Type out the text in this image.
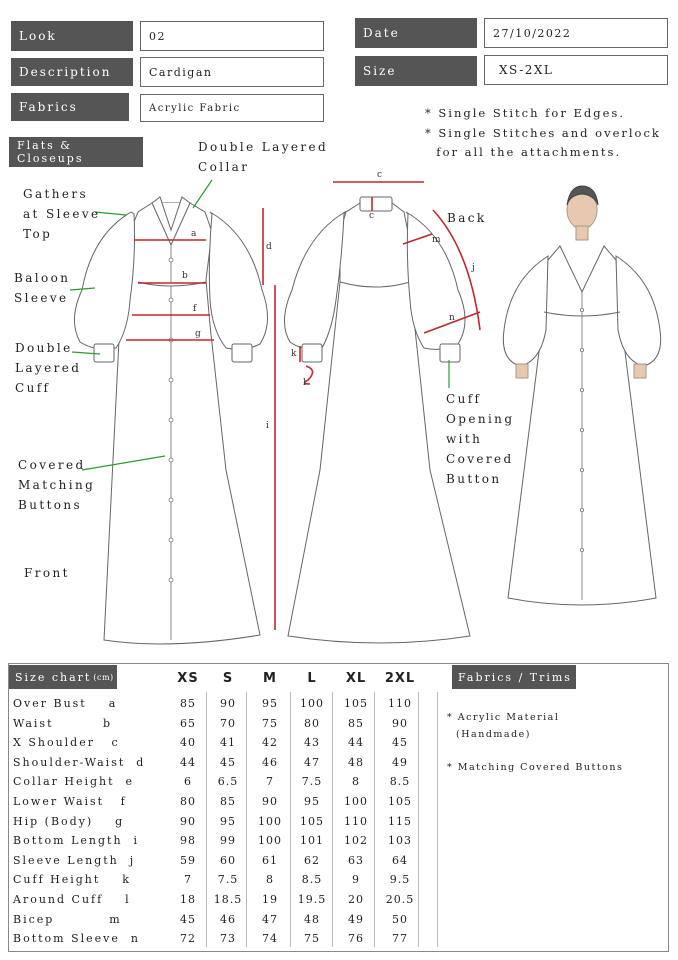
Look	02
Description	Cardigan
Fabrics	Acrylic Fabric
Date	27/10/2022
Size	XS-2XL
* Single Stitch for Edges.
* Single Stitches and overlock
for all the attachments.
Flats & Closeups
a
b
c
c
d
f
g
i
j
k
l
m
n
Double Layered
Collar
Gathers
at Sleeve
Top
Baloon
Sleeve
Double
Layered
Cuff
Covered
Matching
Buttons
Front
Back
Cuff
Opening
with
Covered
Button
Size chart (cm)	Fabrics / Trims
XS	S	M	L	XL	2XL
Over Bust    a	85	90	95	100	105	110
Waist         b	65	70	75	80	85	90
X Shoulder   c	40	41	42	43	44	45
Shoulder-Waist  d	44	45	46	47	48	49
Collar Height  e	6	6.5	7	7.5	8	8.5
Lower Waist   f	80	85	90	95	100	105
Hip (Body)    g	90	95	100	105	110	115
Bottom Length  i	98	99	100	101	102	103
Sleeve Length  j	59	60	61	62	63	64
Cuff Height    k	7	7.5	8	8.5	9	9.5
Around Cuff    l	18	18.5	19	19.5	20	20.5
Bicep          m	45	46	47	48	49	50
Bottom Sleeve  n	72	73	74	75	76	77
* Acrylic Material
(Handmade)
* Matching Covered Buttons
